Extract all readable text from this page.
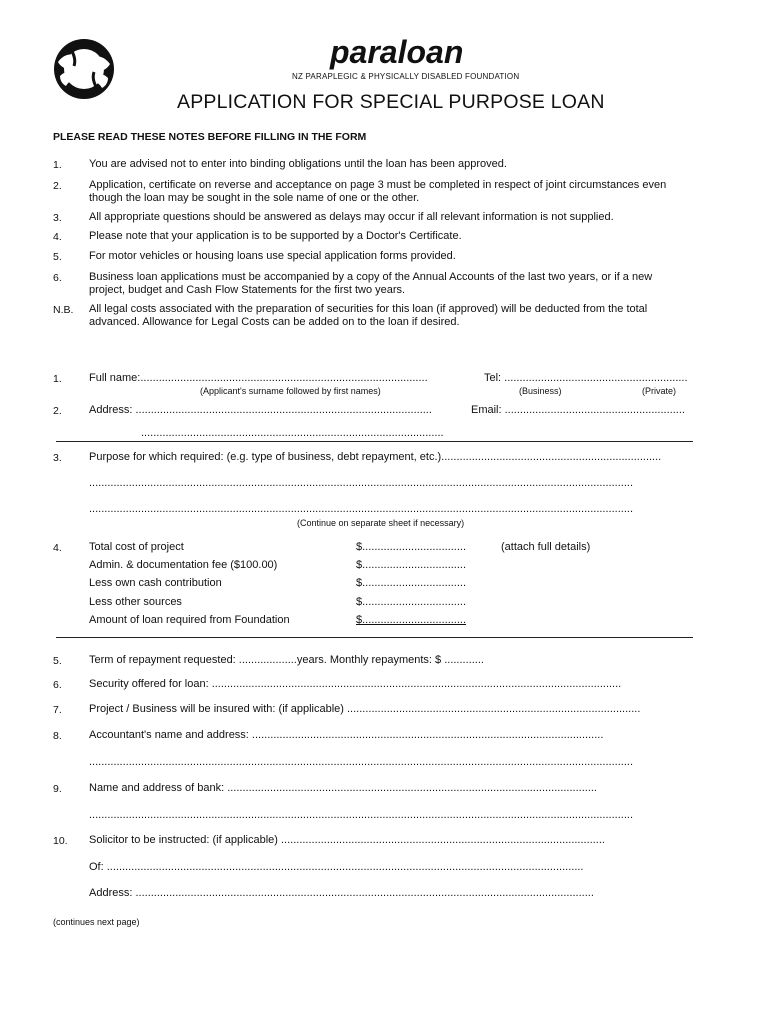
paraloan
NZ PARAPLEGIC & PHYSICALLY DISABLED FOUNDATION
APPLICATION FOR SPECIAL PURPOSE LOAN
PLEASE READ THESE NOTES BEFORE FILLING IN THE FORM
1. You are advised not to enter into binding obligations until the loan has been approved.
2. Application, certificate on reverse and acceptance on page 3 must be completed in respect of joint circumstances even
though the loan may be sought in the sole name of one or the other.
3. All appropriate questions should be answered as delays may occur if all relevant information is not supplied.
4. Please note that your application is to be supported by a Doctor's Certificate.
5. For motor vehicles or housing loans use special application forms provided.
6. Business loan applications must be accompanied by a copy of the Annual Accounts of the last two years, or if a new
project, budget and Cash Flow Statements for the first two years.
N.B. All legal costs associated with the preparation of securities for this loan (if approved) will be deducted from the total
advanced. Allowance for Legal Costs can be added on to the loan if desired.
1. Full name:..............................................................................................
(Applicant's surname followed by first names)
Tel: ............................................................
(Business)	(Private)
2. Address: .................................................................................................	Email: ...........................................................
...................................................................................................
3. Purpose for which required: (e.g. type of business, debt repayment, etc.)........................................................................
..................................................................................................................................................................................
..................................................................................................................................................................................
(Continue on separate sheet if necessary)
4. Total cost of project	$..................................	(attach full details)
Admin. & documentation fee ($100.00)	$..................................
Less own cash contribution	$..................................
Less other sources	$..................................
Amount of loan required from Foundation	$..................................
5. Term of repayment requested: ...................years. Monthly repayments: $ .............
6. Security offered for loan: ......................................................................................................................................
7. Project / Business will be insured with: (if applicable) ................................................................................................
8. Accountant's name and address: ...................................................................................................................
..................................................................................................................................................................................
9. Name and address of bank: .........................................................................................................................
..................................................................................................................................................................................
10. Solicitor to be instructed: (if applicable) ..........................................................................................................
Of: ............................................................................................................................................................
Address: ......................................................................................................................................................
(continues next page)
